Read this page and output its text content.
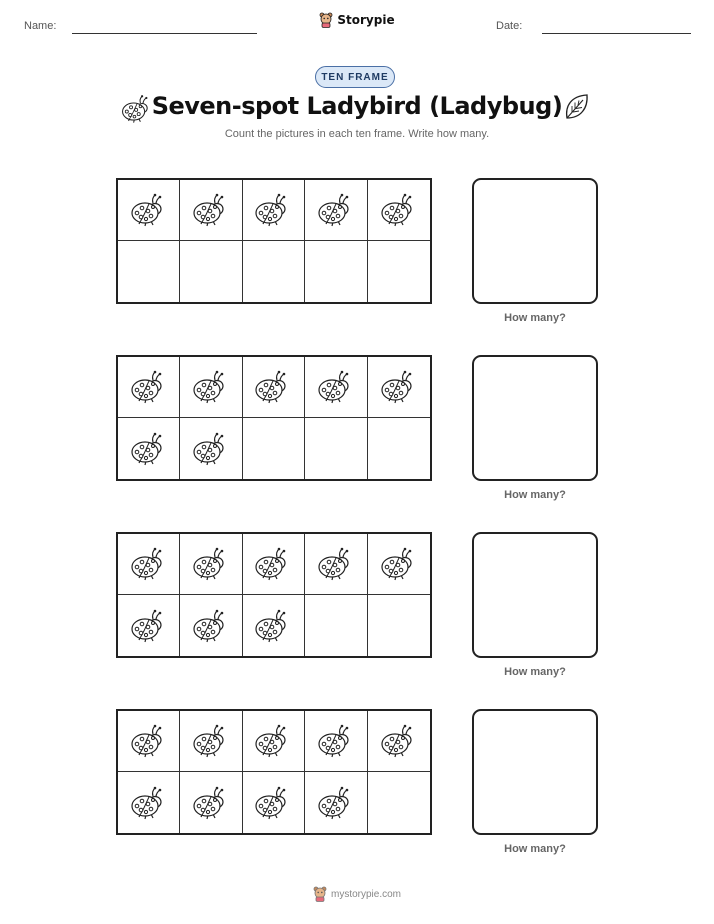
Name:	Storypie	Date:
TEN FRAME
Seven-spot Ladybird (Ladybug)
Count the pictures in each ten frame. Write how many.
How many?
How many?
How many?
How many?
mystorypie.com
